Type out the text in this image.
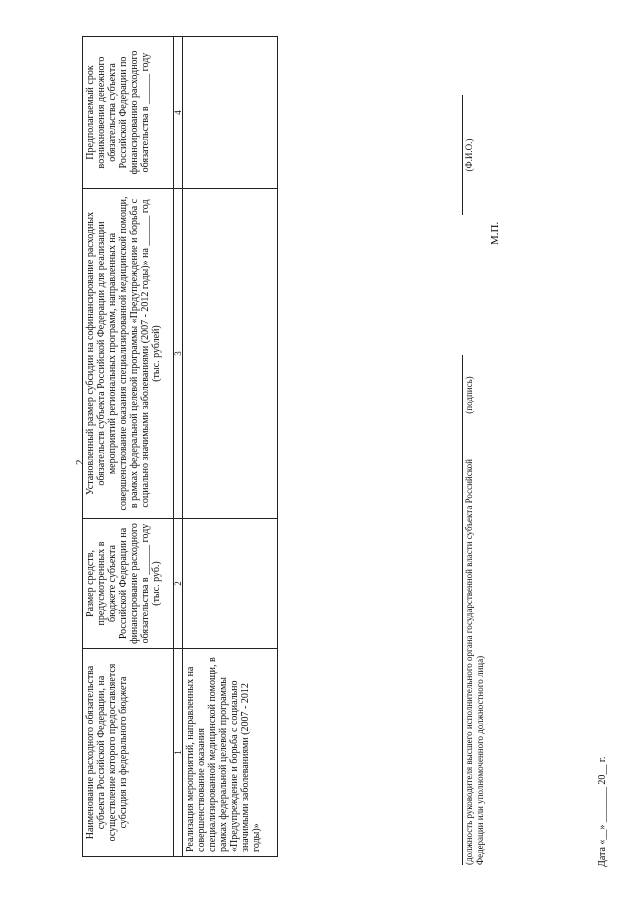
2
Наименование расходного обязательства субъекта Российской Федерации, на осуществление которого предоставляется субсидия из федерального бюджета	Размер средств, предусмотренных в бюджете субъекта Российской Федерации на финансирование расходного обязательства в ______ году (тыс. руб.)	Установленный размер субсидии на софинансирование расходных обязательств субъекта Российской Федерации для реализации мероприятий региональных программ, направленных на совершенствование оказания специализированной медицинской помощи, в рамках федеральной целевой программы «Предупреждение и борьба с социально значимыми заболеваниями (2007 - 2012 годы)» на ______ год (тыс. рублей)	Предполагаемый срок возникновения денежного обязательства субъекта Российской Федерации по финансированию расходного обязательства в ______ году
1	2	3	4
Реализация мероприятий, направленных на совершенствование оказания специализированной медицинской помощи, в рамках федеральной целевой программы «Предупреждение и борьба с социально значимыми заболеваниями (2007 - 2012 годы)»				(должность руководителя высшего исполнительного органа государственной власти субъекта Российской Федерации или уполномоченного должностного лица)
(подпись)
(Ф.И.О.)
М.П.
Дата «__» _______ 20__ г.
